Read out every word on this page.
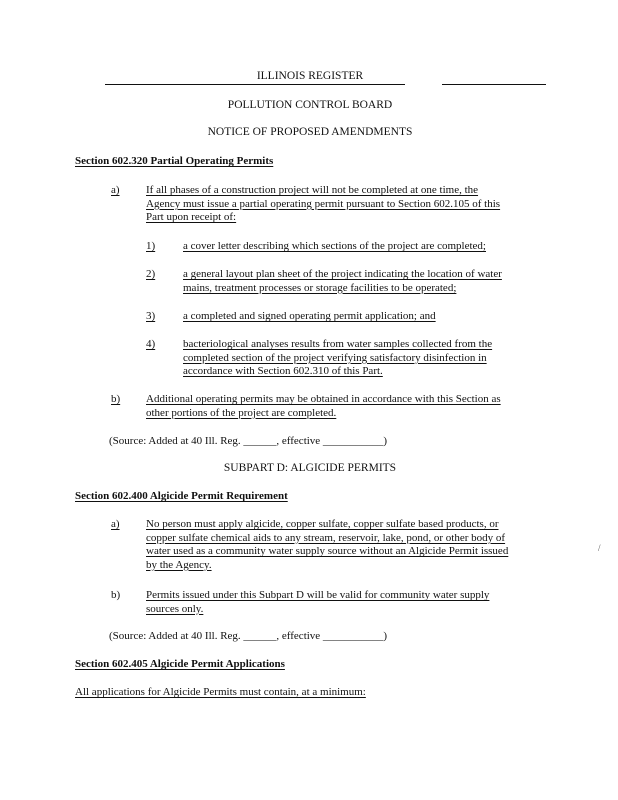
ILLINOIS REGISTER
POLLUTION CONTROL BOARD
NOTICE OF PROPOSED AMENDMENTS
Section 602.320 Partial Operating Permits
a) If all phases of a construction project will not be completed at one time, the
Agency must issue a partial operating permit pursuant to Section 602.105 of this
Part upon receipt of:
1)	a cover letter describing which sections of the project are completed;
2)	a general layout plan sheet of the project indicating the location of water
mains, treatment processes or storage facilities to be operated;
3)	a completed and signed operating permit application; and
4)	bacteriological analyses results from water samples collected from the
completed section of the project verifying satisfactory disinfection in
accordance with Section 602.310 of this Part.
b) Additional operating permits may be obtained in accordance with this Section as
other portions of the project are completed.
(Source: Added at 40 Ill. Reg. ______, effective ___________)
SUBPART D: ALGICIDE PERMITS
Section 602.400 Algicide Permit Requirement
a) No person must apply algicide, copper sulfate, copper sulfate based products, or
copper sulfate chemical aids to any stream, reservoir, lake, pond, or other body of
water used as a community water supply source without an Algicide Permit issued
by the Agency.
/
b) Permits issued under this Subpart D will be valid for community water supply
sources only.
(Source: Added at 40 Ill. Reg. ______, effective ___________)
Section 602.405 Algicide Permit Applications
All applications for Algicide Permits must contain, at a minimum:
